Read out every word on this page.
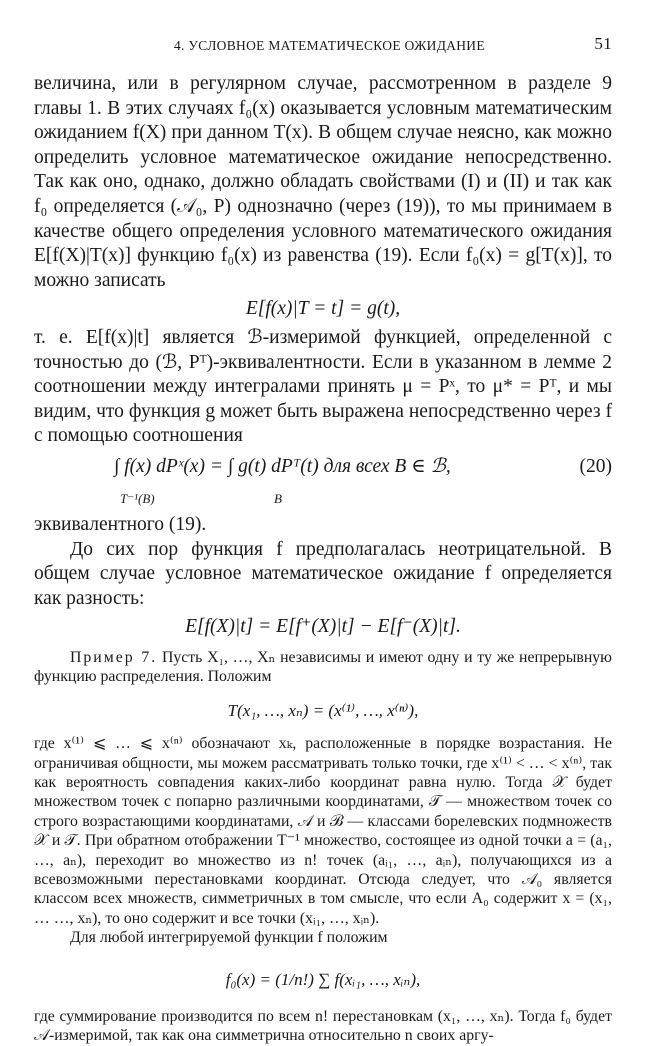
4. УСЛОВНОЕ МАТЕМАТИЧЕСКОЕ ОЖИДАНИЕ	51

величина, или в регулярном случае, рассмотренном в разделе 9 главы 1. В этих случаях f₀(x) оказывается условным математическим ожиданием f(X) при данном T(x). В общем случае неясно, как можно определить условное математическое ожидание непосредственно. Так как оно, однако, должно обладать свойствами (I) и (II) и так как f₀ определяется (𝒜₀, P) однозначно (через (19)), то мы принимаем в качестве общего определения условного математического ожидания E[f(X)|T(x)] функцию f₀(x) из равенства (19). Если f₀(x) = g[T(x)], то можно записать

E[f(x)|T = t] = g(t),

т. е. E[f(x)|t] является ℬ-измеримой функцией, определенной с точностью до (ℬ, Pᵀ)-эквивалентности. Если в указанном в лемме 2 соотношении между интегралами принять μ = Pˣ, то μ* = Pᵀ, и мы видим, что функция g может быть выражена непосредственно через f с помощью соотношения

∫ f(x) dPˣ(x) = ∫ g(t) dPᵀ(t) для всех B ∈ ℬ,
T⁻¹(B)	B
(20)

эквивалентного (19).

До сих пор функция f предполагалась неотрицательной. В общем случае условное математическое ожидание f определяется как разность:

E[f(X)|t] = E[f⁺(X)|t] − E[f⁻(X)|t].

Пример 7. Пусть X₁, …, Xₙ независимы и имеют одну и ту же непрерывную функцию распределения. Положим

T(x₁, …, xₙ) = (x⁽¹⁾, …, x⁽ⁿ⁾),

где x⁽¹⁾ ⩽ … ⩽ x⁽ⁿ⁾ обозначают xₖ, расположенные в порядке возрастания. Не ограничивая общности, мы можем рассматривать только точки, где x⁽¹⁾ < … < x⁽ⁿ⁾, так как вероятность совпадения каких-либо координат равна нулю. Тогда 𝒳 будет множеством точек с попарно различными координатами, 𝒯 — множеством точек со строго возрастающими координатами, 𝒜 и ℬ — классами борелевских подмножеств 𝒳 и 𝒯. При обратном отображении T⁻¹ множество, состоящее из одной точки a = (a₁, …, aₙ), переходит во множество из n! точек (aᵢ₁, …, aᵢₙ), получающихся из a всевозможными перестановками координат. Отсюда следует, что 𝒜₀ является классом всех множеств, симметричных в том смысле, что если A₀ содержит x = (x₁, … …, xₙ), то оно содержит и все точки (xᵢ₁, …, xᵢₙ).

Для любой интегрируемой функции f положим

f₀(x) = (1/n!) ∑ f(xᵢ₁, …, xᵢₙ),

где суммирование производится по всем n! перестановкам (x₁, …, xₙ). Тогда f₀ будет 𝒜-измеримой, так как она симметрична относительно n своих аргу-
